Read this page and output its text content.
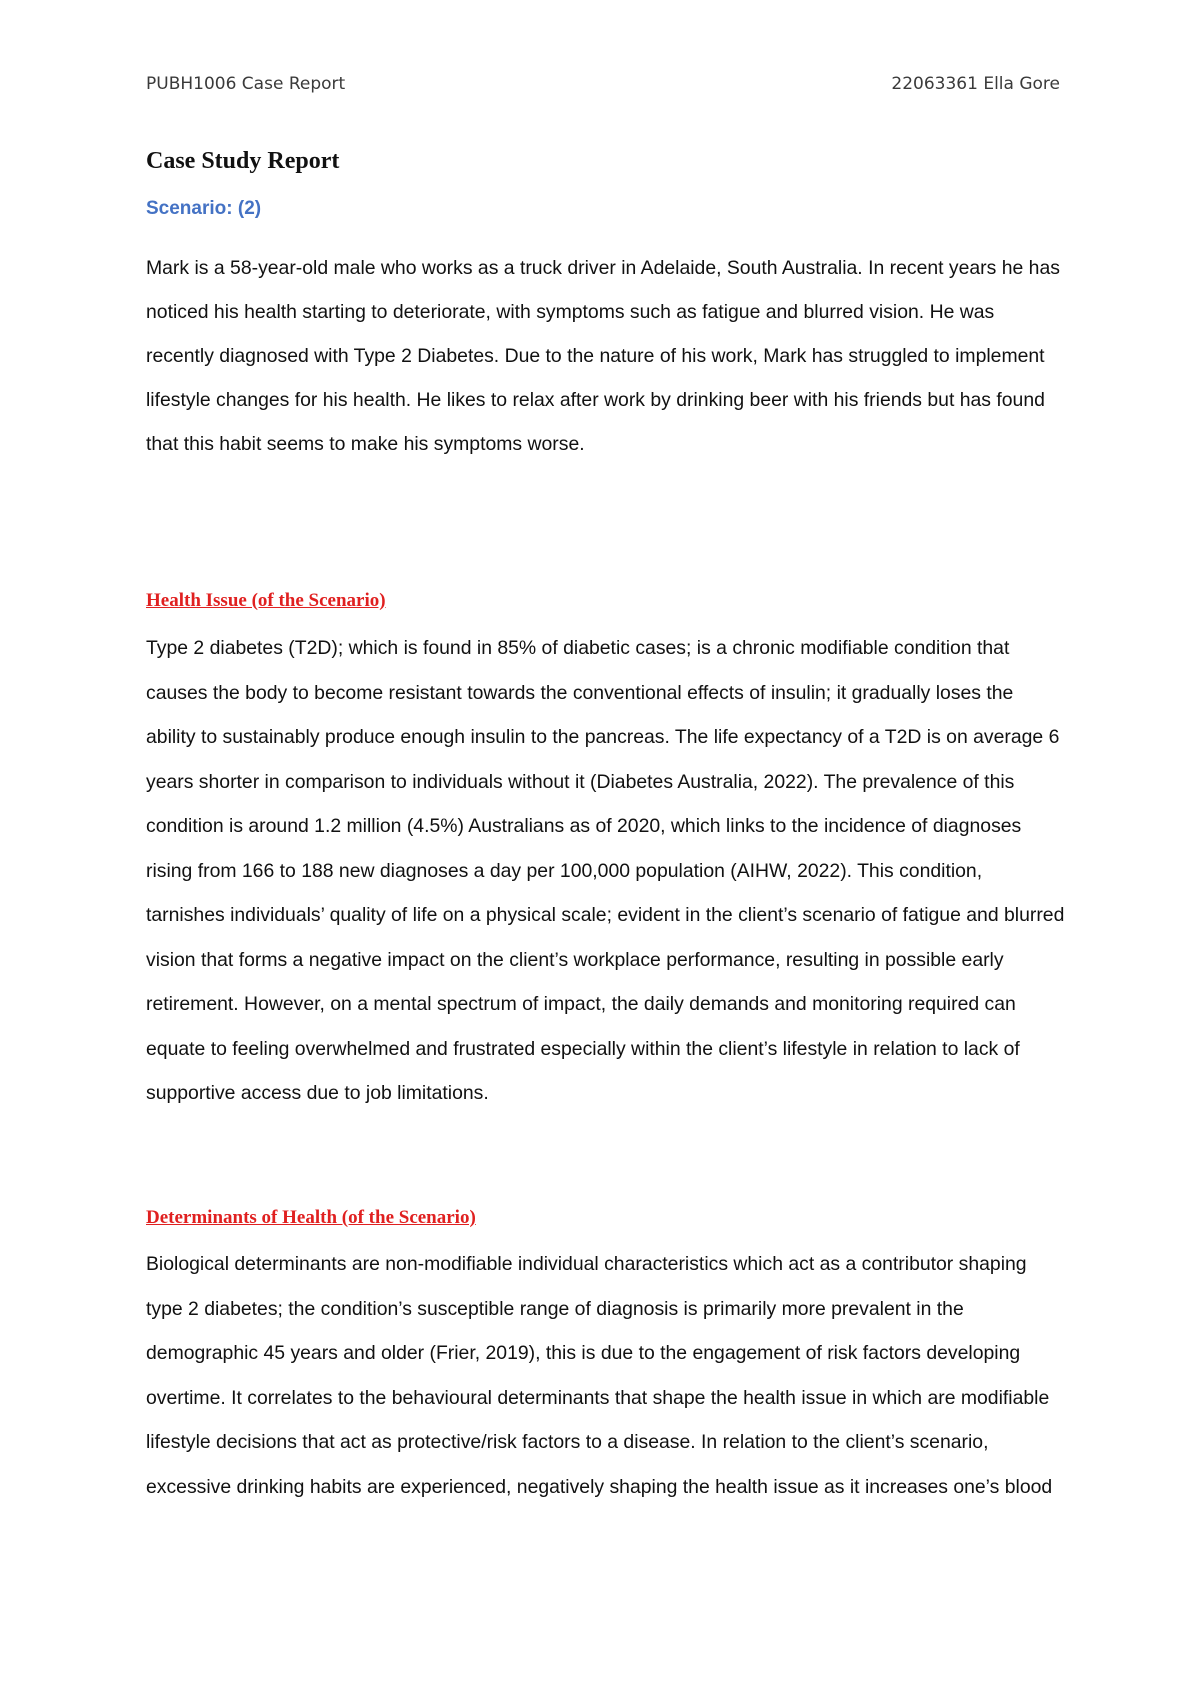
PUBH1006 Case Report	22063361 Ella Gore
Case Study Report

Scenario: (2)

Mark is a 58-year-old male who works as a truck driver in Adelaide, South Australia. In recent years he has noticed his health starting to deteriorate, with symptoms such as fatigue and blurred vision. He was recently diagnosed with Type 2 Diabetes. Due to the nature of his work, Mark has struggled to implement lifestyle changes for his health. He likes to relax after work by drinking beer with his friends but has found that this habit seems to make his symptoms worse.

Health Issue (of the Scenario)

Type 2 diabetes (T2D); which is found in 85% of diabetic cases; is a chronic modifiable condition that causes the body to become resistant towards the conventional effects of insulin; it gradually loses the ability to sustainably produce enough insulin to the pancreas. The life expectancy of a T2D is on average 6 years shorter in comparison to individuals without it (Diabetes Australia, 2022). The prevalence of this condition is around 1.2 million (4.5%) Australians as of 2020, which links to the incidence of diagnoses rising from 166 to 188 new diagnoses a day per 100,000 population (AIHW, 2022). This condition, tarnishes individuals’ quality of life on a physical scale; evident in the client’s scenario of fatigue and blurred vision that forms a negative impact on the client’s workplace performance, resulting in possible early retirement. However, on a mental spectrum of impact, the daily demands and monitoring required can equate to feeling overwhelmed and frustrated especially within the client’s lifestyle in relation to lack of supportive access due to job limitations.

Determinants of Health (of the Scenario)

Biological determinants are non-modifiable individual characteristics which act as a contributor shaping type 2 diabetes; the condition’s susceptible range of diagnosis is primarily more prevalent in the demographic 45 years and older (Frier, 2019), this is due to the engagement of risk factors developing overtime. It correlates to the behavioural determinants that shape the health issue in which are modifiable lifestyle decisions that act as protective/risk factors to a disease. In relation to the client’s scenario, excessive drinking habits are experienced, negatively shaping the health issue as it increases one’s blood
